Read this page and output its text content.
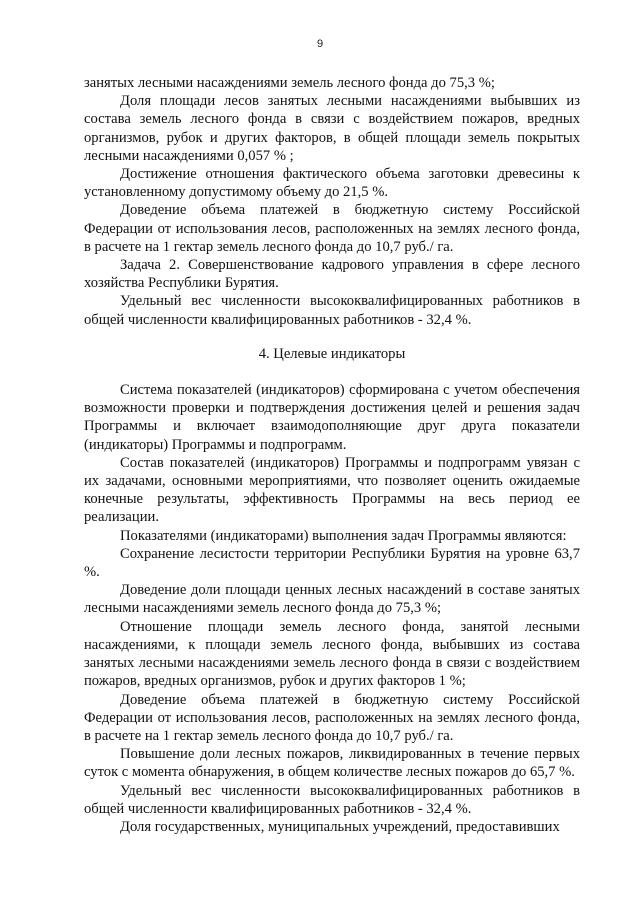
9

занятых лесными насаждениями земель лесного фонда до 75,3 %;

Доля площади лесов занятых лесными насаждениями выбывших из состава земель лесного фонда в связи с воздействием пожаров, вредных организмов, рубок и других факторов, в общей площади земель покрытых лесными насаждениями 0,057 % ;

Достижение отношения фактического объема заготовки древесины к установленному допустимому объему до 21,5 %.

Доведение объема платежей в бюджетную систему Российской Федерации от использования лесов, расположенных на землях лесного фонда, в расчете на 1 гектар земель лесного фонда до 10,7 руб./ га.

Задача 2. Совершенствование кадрового управления в сфере лесного хозяйства Республики Бурятия.

Удельный вес численности высококвалифицированных работников в общей численности квалифицированных работников - 32,4 %.

4. Целевые индикаторы

Система показателей (индикаторов) сформирована с учетом обеспечения возможности проверки и подтверждения достижения целей и решения задач Программы и включает взаимодополняющие друг друга показатели (индикаторы) Программы и подпрограмм.

Состав показателей (индикаторов) Программы и подпрограмм увязан с их задачами, основными мероприятиями, что позволяет оценить ожидаемые конечные результаты, эффективность Программы на весь период ее реализации.

Показателями (индикаторами) выполнения задач Программы являются:

Сохранение лесистости территории Республики Бурятия на уровне 63,7 %.

Доведение доли площади ценных лесных насаждений в составе занятых лесными насаждениями земель лесного фонда до 75,3 %;

Отношение площади земель лесного фонда, занятой лесными насаждениями, к площади земель лесного фонда, выбывших из состава занятых лесными насаждениями земель лесного фонда в связи с воздействием пожаров, вредных организмов, рубок и других факторов 1 %;

Доведение объема платежей в бюджетную систему Российской Федерации от использования лесов, расположенных на землях лесного фонда, в расчете на 1 гектар земель лесного фонда до 10,7 руб./ га.

Повышение доли лесных пожаров, ликвидированных в течение первых суток с момента обнаружения, в общем количестве лесных пожаров до 65,7 %.

Удельный вес численности высококвалифицированных работников в общей численности квалифицированных работников - 32,4 %.

Доля государственных, муниципальных учреждений, предоставивших
